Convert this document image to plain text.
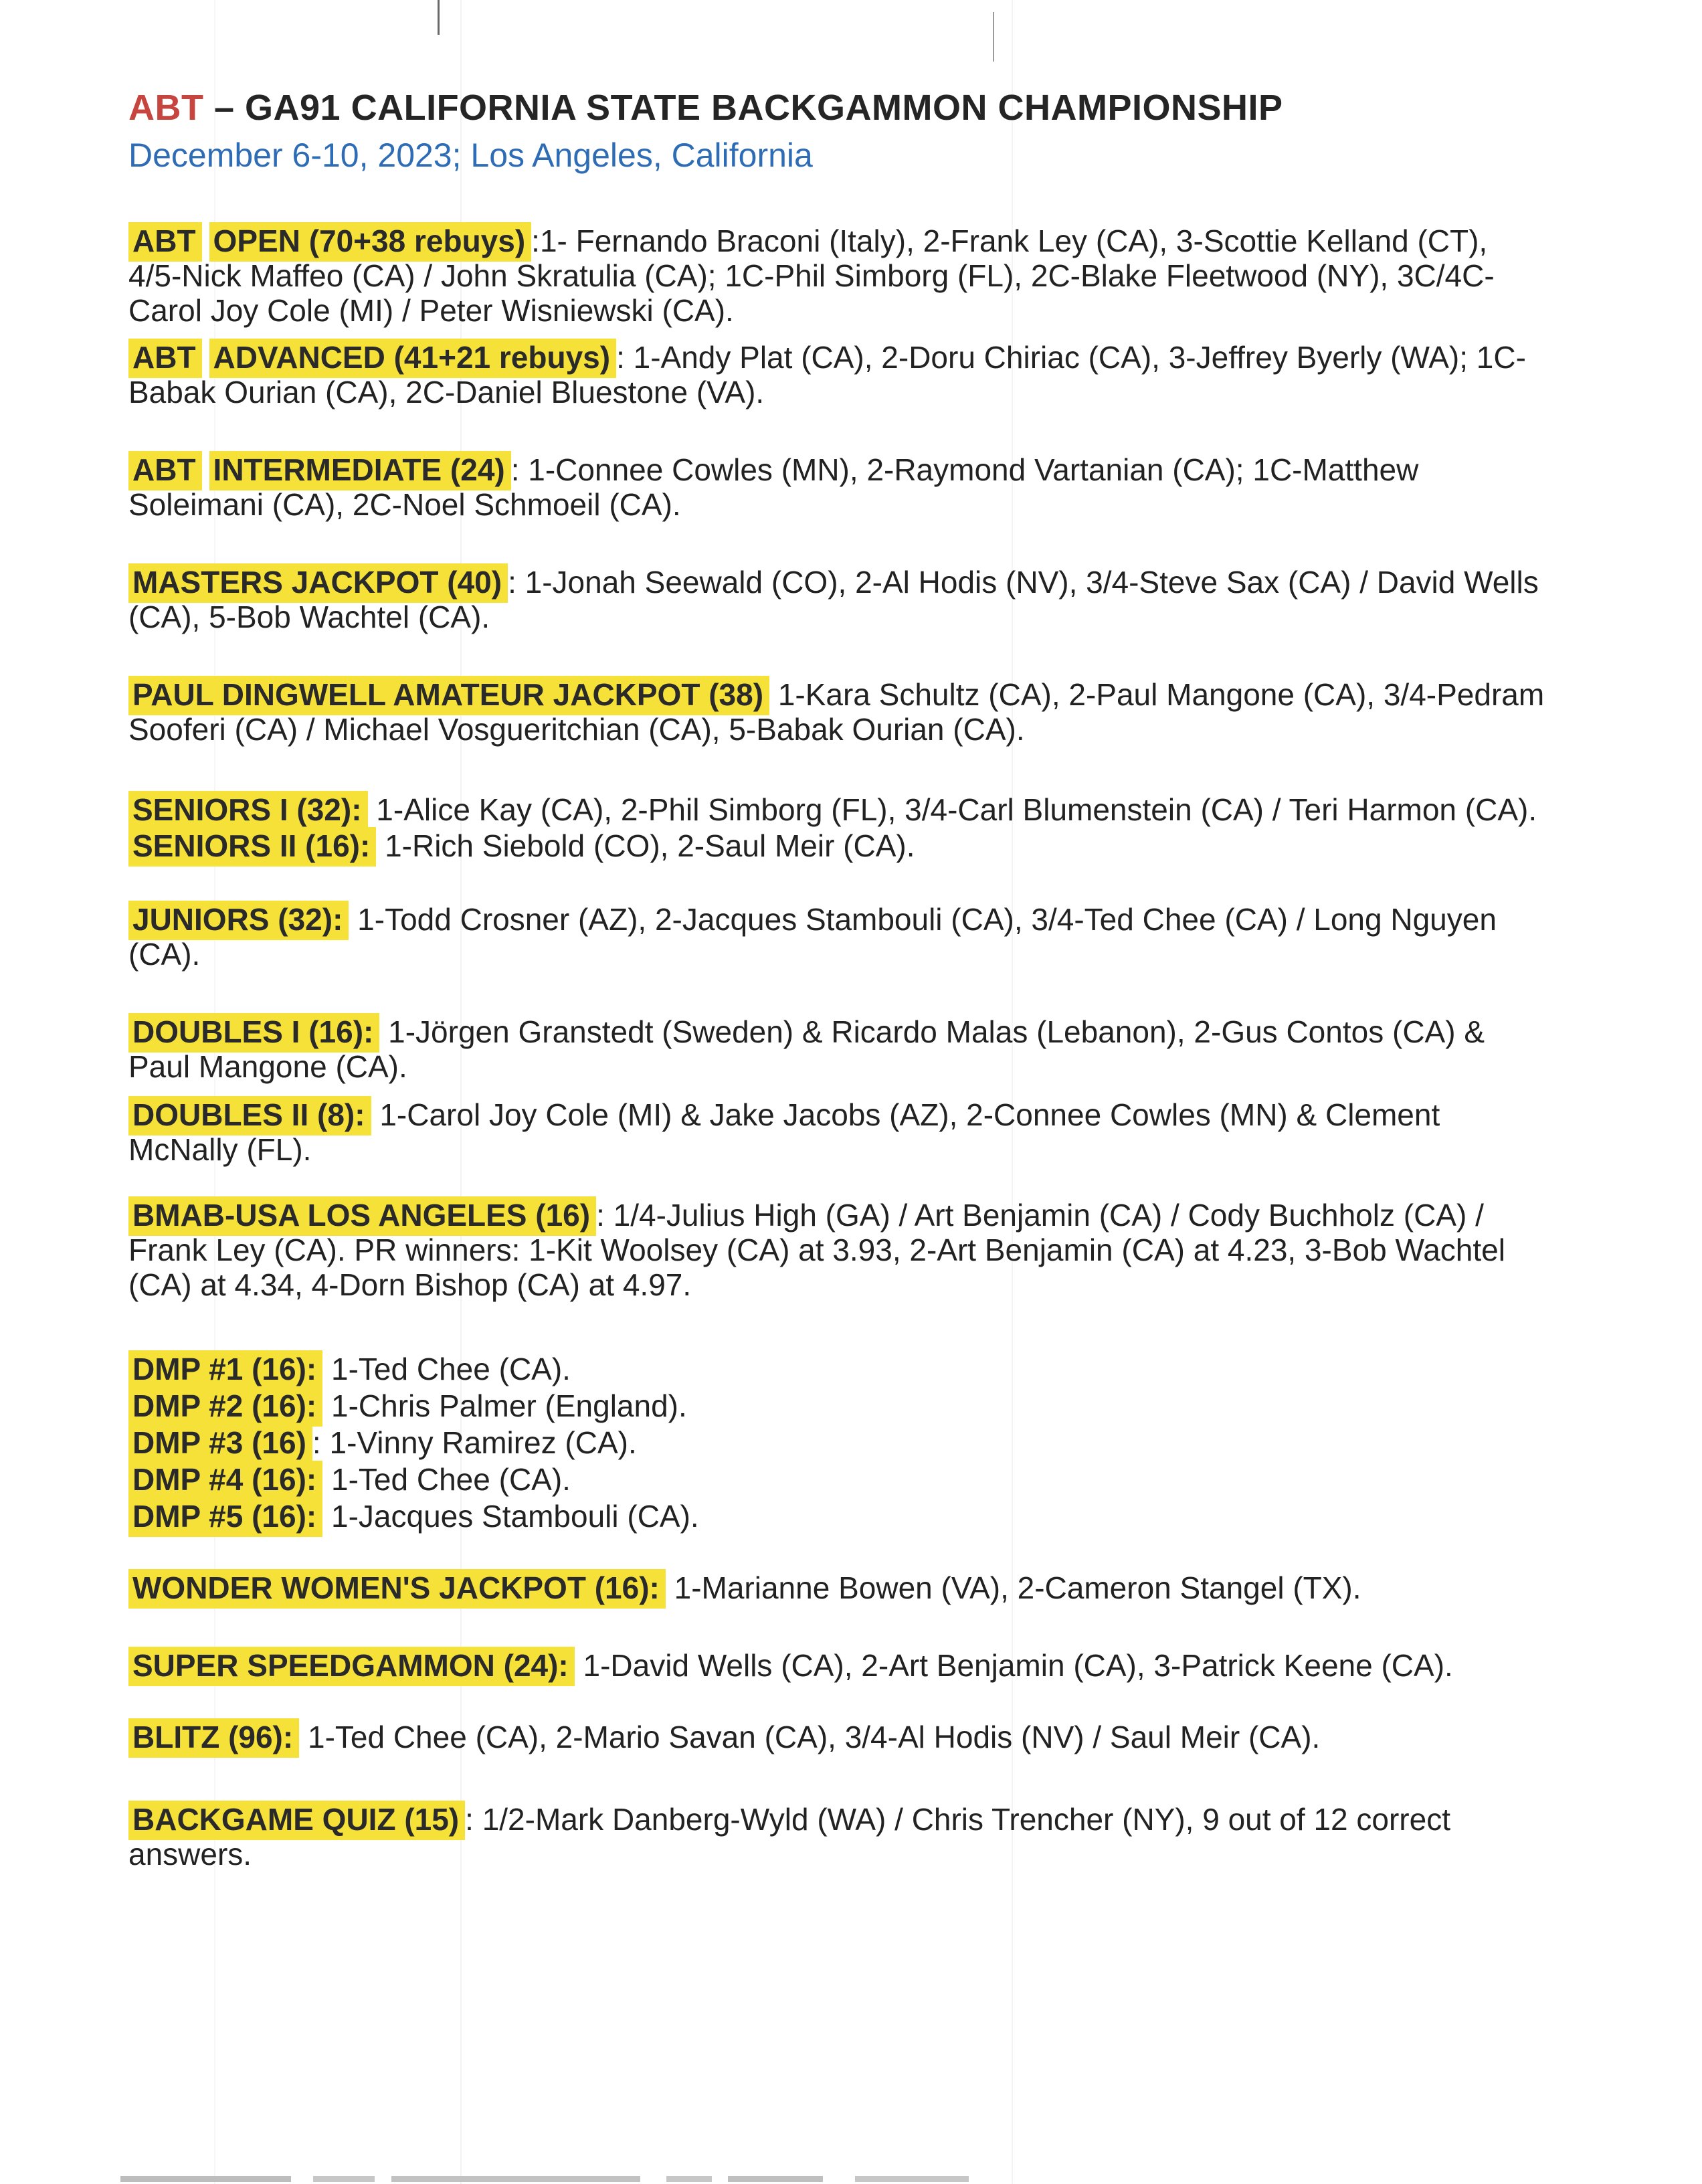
ABT – GA91 CALIFORNIA STATE BACKGAMMON CHAMPIONSHIP

December 6-10, 2023; Los Angeles, California

ABT OPEN (70+38 rebuys) :1- Fernando Braconi (Italy), 2-Frank Ley (CA), 3-Scottie Kelland (CT), 4/5-Nick Maffeo (CA) / John Skratulia (CA); 1C-Phil Simborg (FL), 2C-Blake Fleetwood (NY), 3C/4C-Carol Joy Cole (MI) / Peter Wisniewski (CA).

ABT ADVANCED (41+21 rebuys) : 1-Andy Plat (CA), 2-Doru Chiriac (CA), 3-Jeffrey Byerly (WA); 1C-Babak Ourian (CA), 2C-Daniel Bluestone (VA).

ABT INTERMEDIATE (24) : 1-Connee Cowles (MN), 2-Raymond Vartanian (CA); 1C-Matthew Soleimani (CA), 2C-Noel Schmoeil (CA).

MASTERS JACKPOT (40) : 1-Jonah Seewald (CO), 2-Al Hodis (NV), 3/4-Steve Sax (CA) / David Wells (CA), 5-Bob Wachtel (CA).

PAUL DINGWELL AMATEUR JACKPOT (38) 1-Kara Schultz (CA), 2-Paul Mangone (CA), 3/4-Pedram Sooferi (CA) / Michael Vosgueritchian (CA), 5-Babak Ourian (CA).

SENIORS I (32): 1-Alice Kay (CA), 2-Phil Simborg (FL), 3/4-Carl Blumenstein (CA) / Teri Harmon (CA).

SENIORS II (16): 1-Rich Siebold (CO), 2-Saul Meir (CA).

JUNIORS (32): 1-Todd Crosner (AZ), 2-Jacques Stambouli (CA), 3/4-Ted Chee (CA) / Long Nguyen (CA).

DOUBLES I (16): 1-Jörgen Granstedt (Sweden) & Ricardo Malas (Lebanon), 2-Gus Contos (CA) & Paul Mangone (CA).

DOUBLES II (8): 1-Carol Joy Cole (MI) & Jake Jacobs (AZ), 2-Connee Cowles (MN) & Clement McNally (FL).

BMAB-USA LOS ANGELES (16) : 1/4-Julius High (GA) / Art Benjamin (CA) / Cody Buchholz (CA) / Frank Ley (CA). PR winners: 1-Kit Woolsey (CA) at 3.93, 2-Art Benjamin (CA) at 4.23, 3-Bob Wachtel (CA) at 4.34, 4-Dorn Bishop (CA) at 4.97.

DMP #1 (16): 1-Ted Chee (CA).

DMP #2 (16): 1-Chris Palmer (England).

DMP #3 (16) : 1-Vinny Ramirez (CA).

DMP #4 (16): 1-Ted Chee (CA).

DMP #5 (16): 1-Jacques Stambouli (CA).

WONDER WOMEN'S JACKPOT (16): 1-Marianne Bowen (VA), 2-Cameron Stangel (TX).

SUPER SPEEDGAMMON (24): 1-David Wells (CA), 2-Art Benjamin (CA), 3-Patrick Keene (CA).

BLITZ (96): 1-Ted Chee (CA), 2-Mario Savan (CA), 3/4-Al Hodis (NV) / Saul Meir (CA).

BACKGAME QUIZ (15) : 1/2-Mark Danberg-Wyld (WA) / Chris Trencher (NY), 9 out of 12 correct answers.
